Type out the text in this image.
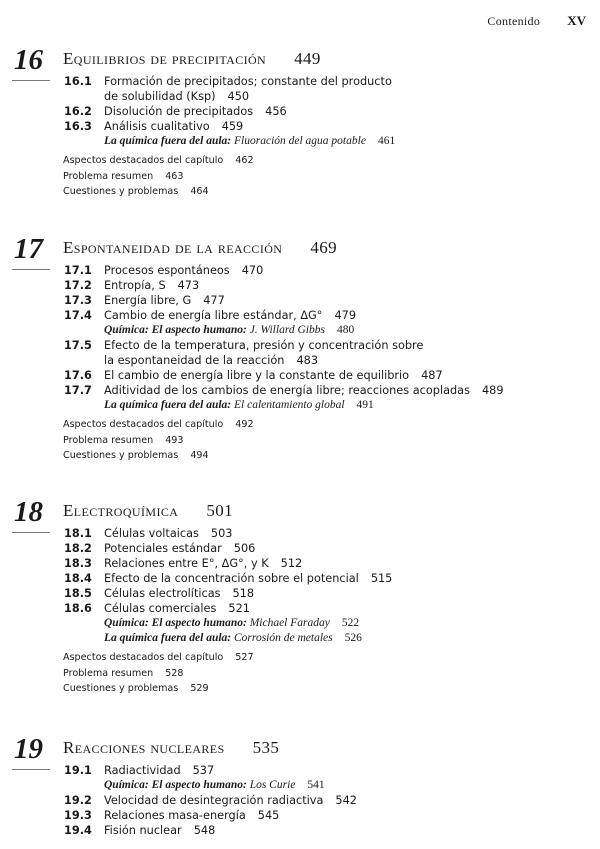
Contenido XV
16 Equilibrios de precipitación 449
16.1 Formación de precipitados; constante del producto
de solubilidad (Ksp) 450
16.2 Disolución de precipitados 456
16.3 Análisis cualitativo 459
La química fuera del aula: Fluoración del agua potable 461
Aspectos destacados del capítulo 462
Problema resumen 463
Cuestiones y problemas 464
17 Espontaneidad de la reacción 469
17.1 Procesos espontáneos 470
17.2 Entropía, S 473
17.3 Energía libre, G 477
17.4 Cambio de energía libre estándar, ΔG° 479
Química: El aspecto humano: J. Willard Gibbs 480
17.5 Efecto de la temperatura, presión y concentración sobre
la espontaneidad de la reacción 483
17.6 El cambio de energía libre y la constante de equilibrio 487
17.7 Aditividad de los cambios de energía libre; reacciones acopladas 489
La química fuera del aula: El calentamiento global 491
Aspectos destacados del capítulo 492
Problema resumen 493
Cuestiones y problemas 494
18 Electroquímica 501
18.1 Células voltaicas 503
18.2 Potenciales estándar 506
18.3 Relaciones entre E°, ΔG°, y K 512
18.4 Efecto de la concentración sobre el potencial 515
18.5 Células electrolíticas 518
18.6 Células comerciales 521
Química: El aspecto humano: Michael Faraday 522
La química fuera del aula: Corrosión de metales 526
Aspectos destacados del capítulo 527
Problema resumen 528
Cuestiones y problemas 529
19 Reacciones nucleares 535
19.1 Radiactividad 537
Química: El aspecto humano: Los Curie 541
19.2 Velocidad de desintegración radiactiva 542
19.3 Relaciones masa-energía 545
19.4 Fisión nuclear 548
